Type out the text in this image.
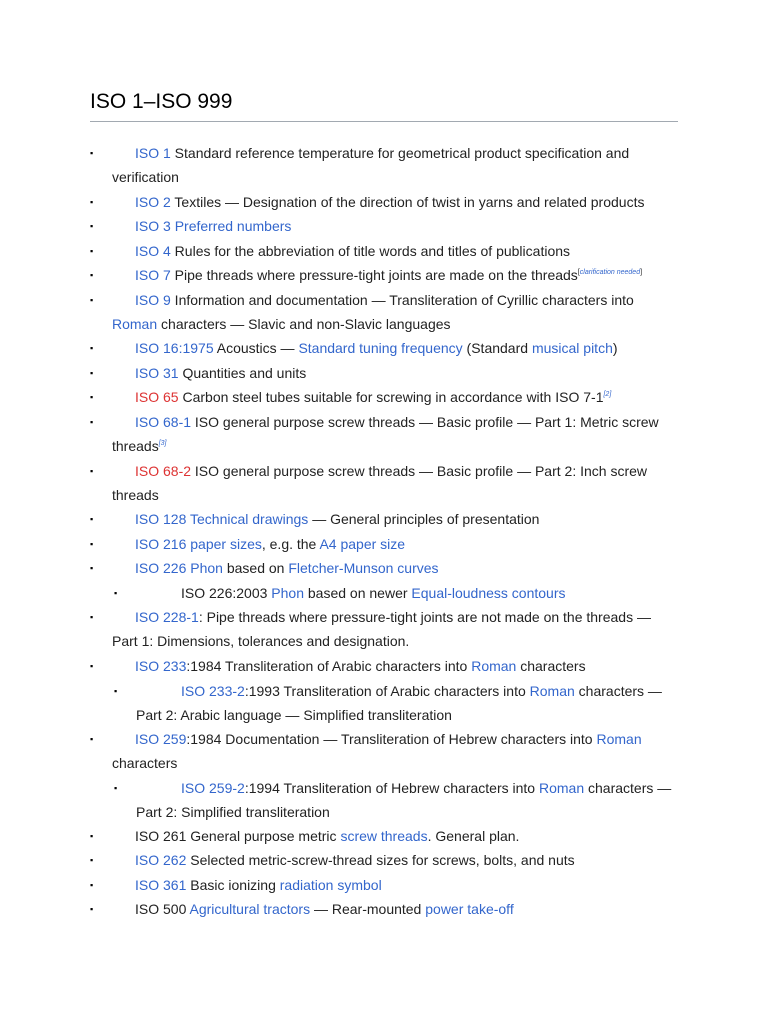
ISO 1–ISO 999
▪	ISO 1 Standard reference temperature for geometrical product specification and verification
▪	ISO 2 Textiles — Designation of the direction of twist in yarns and related products
▪	ISO 3 Preferred numbers
▪	ISO 4 Rules for the abbreviation of title words and titles of publications
▪	ISO 7 Pipe threads where pressure-tight joints are made on the threads[clarification needed]
▪	ISO 9 Information and documentation — Transliteration of Cyrillic characters into Roman characters — Slavic and non-Slavic languages
▪	ISO 16:1975 Acoustics — Standard tuning frequency (Standard musical pitch)
▪	ISO 31 Quantities and units
▪	ISO 65 Carbon steel tubes suitable for screwing in accordance with ISO 7-1[2]
▪	ISO 68-1 ISO general purpose screw threads — Basic profile — Part 1: Metric screw threads[3]
▪	ISO 68-2 ISO general purpose screw threads — Basic profile — Part 2: Inch screw threads
▪	ISO 128 Technical drawings — General principles of presentation
▪	ISO 216 paper sizes, e.g. the A4 paper size
▪	ISO 226 Phon based on Fletcher-Munson curves
▪	ISO 226:2003 Phon based on newer Equal-loudness contours
▪	ISO 228-1: Pipe threads where pressure-tight joints are not made on the threads — Part 1: Dimensions, tolerances and designation.
▪	ISO 233:1984 Transliteration of Arabic characters into Roman characters
▪	ISO 233-2:1993 Transliteration of Arabic characters into Roman characters — Part 2: Arabic language — Simplified transliteration
▪	ISO 259:1984 Documentation — Transliteration of Hebrew characters into Roman characters
▪	ISO 259-2:1994 Transliteration of Hebrew characters into Roman characters — Part 2: Simplified transliteration
▪	ISO 261 General purpose metric screw threads. General plan.
▪	ISO 262 Selected metric-screw-thread sizes for screws, bolts, and nuts
▪	ISO 361 Basic ionizing radiation symbol
▪	ISO 500 Agricultural tractors — Rear-mounted power take-off
